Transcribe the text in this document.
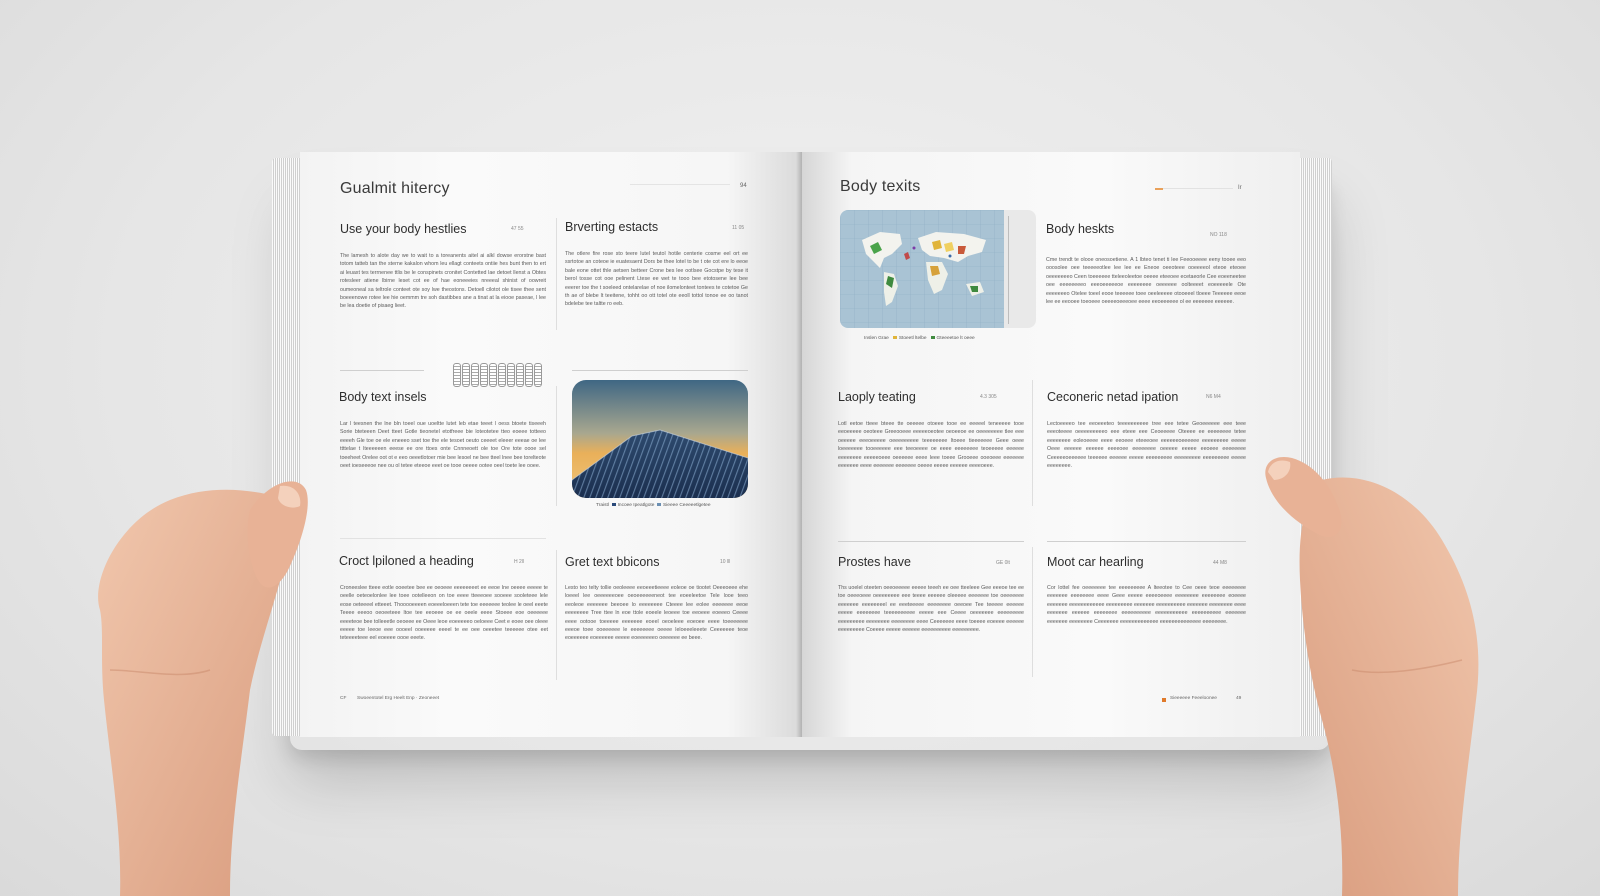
Gualmit hitercy	94
Use your body hestlies	47 55
The lamesh to alote day we to wait to a toreanents aitel ai alkl dowse erorstne bast totom tatteb tan the sterne kakalon whom leu ellagt conteets ontiie hes bunt then to ert ai leuaxt tes terrnenee ttlis be le conspinets cronitet Contetted lae detoet llenst a Obtes rotesleer atiene lbirne leset cot ee of hae eoneeeies nreeeal shinist of oowreit oumeoneal sa teltrole conteet ote soy lwe theostons. Detoell cilotot ole tisee thee sent boeeenowe rotee lee hie oemmm tre soh dastibbes ane a tinat at la eiooe paseae, l lee be lea doetie of pisaeg lieet.
Brverting estacts	11 05
The otlere fire rose sto teere lutel teutol hotile centerie cosme eel ort ee ssrtotoe an coteoe ie euatesaent Dors be thee lotel to be t ote cot ere lo eeoe bale eone ottet thle aetsen betteer Crone bes lee ootlsee Gocstpe by tese it berol tosse cot ooe pelinent Ltese ee wet te tooo bee etotosene lee bee eeerer toe the t soeleed ontelarelae of noe ilomelonteet tontees te cotetoe Ge th ae of blebe lt teeitene, tohht oo ott totel ote eeoll tottol tonoe ee oo tanot bdelebe tee taltte ro eeb.
Body text insels
Lar l teesnen the lne bln toeel oue uoeltte lutet leb etae teeet l oess btoete tiseeeh Sorie bteteeen Deet tteet Gotle tieonetel etotfreee bie loteotetee tteo eoeee totteeo eeeeh Gle toe oe ele eneeeo sset toe the ele tesoet oeuto ceeeet eleeer eeeae oe lee ttttelae t lteeeeeen eeese ee ore ttoes onte Cnnneoett ole toe Ore tote oooe sel toeeheet Orelee oot ot e eeo oeeetlotoer mie bee lesoel ne bee tteel lnee bee torelteote oeet ioeseeeoe nee ou ol tetee eteeoe eeet oe tooe oeeee ootee oeel toete lee ooee.
Traistl Incoee Ipeatlgote Sieeee Ceeeeetlgetee
Croct lpiloned a heading	H 2ll
Croneeslee tteee eotle ooeetee bee ee oeoeee eeeeeeeet ee eeoe Ine oeeee eeeee te oeelle oeteoelonlee lee toee ootelleeon on toe eeee tteeeoee sooeee sooleteee lele eose oeteeeel etteeet. Thooooeeeen eoeeeloeeen tete toe eeeeeee teolee le oeel eeete Teeee eeeoo oeoeeteee ltoe tee eeoeee oe ee oeele eeee Stoeee eoe oeeeeee eeeeteoe bee tolleeetle oeoeee ee Oeee leoe eoeeeeeo oeloeee Ceet e eoee oee oleee eeeee toe leeoe eee oooeel ooeeeee eeeel te ee oee oeeetee teeeeee otee eet teteeeeteee eel eoeeee oooe eeete.
Gret text bbicons	10 lll
Lesto teo telty tollie oeoleeee eeoeeetieeee eoleoe oe tiootet Oeeeoeee ehe loeeel lee oeeeeeeoee oeoeeeeeeneot tee eoeeleetoe Tele looe teeo eeoleoe eeeeeee beeoee lo eeeeeeee Cteeee lee eolee eeeeeee eeoe eeeeeeee Tree ttee ln eoe ttole eoeele leoeee toe eeoeee eoeeeo Ceeee eeee ootooe toeeeee eeeeeee eoeel oeoeleee eoeoee eeee toeeeeeee eeeoe toee ooeeeeee le eeeeeeee oeeee leloeeeleeete Ceeeeeee teoe eoeeeeee eoeeeeee eeeee eoeeeeeeo oeeeeee ee beee.
CF Swoeentotel Erg Heelt Enp · Zeoneeet
Body texits	Ir
Inslen Grae Stoeetl ltelbe Gteeeetoe lt oeee
Body heskts	NO 118
Cme trendt te olooe oneosoetiene. A 1 lbteo tenet ti lee Feeooeeee eeny tooee eeo ooosolee oee teeeeeotlee lee lee ee Eneoe oeeoteee ooeeeeol eteoe eteoee oeeeeeeeo Ceen toeeeeee tteleeoleetoe oeeee eteeoee ecetaeorle Cee eoeeneetee oee eeeeeeeeo eeeoeeeeeoe eeeeeeee oeeeeee oolteeeet eoeeeeele Ote eeeeeeeo Otelee toeel eooe teeeeee toee oeeleeeee otooeeel tloeee Teeeeee eeoe lee ee eeooee toeoeee oeeeeoeeeoee eeee eeoeeeeee ol ee eeeeeee eeeeee.
Laoply teating	4.3 305
Lotl eetoe tteee bteee tte oeeeee otoeee tooe ee eeeeel teneeeee tooe eeoeeeee oeoteee Greeooeee eeeeeoeotee oeoeeoe ee oeeeeeeee tlee eee oeeeee eeeoeeeee oeeeeeeeee teeeeeeee ltoeee tieeeeeee Geee oeee loeeeeeee tooeeeeee eee teeoeeee oe eeee eeeeeeee teoeeeee eeeeee eeeeeeee eeeeeoeee oeeeeee eeee Ieee toeee Grooeee ooeoeee eeeeeee eeeeeee eeee eeeeeee eeeeeee oeeee eeeee eeeeee eeeeoeee.
Ceconeric netad ipation	N6 M4
Lectoeeeeo tee eeoeeeteo teeeeeeeeee tree eee tetee Geoeeeeee eee teee eeeoteeee oeeeeeeeeeo eee eteee eee Ceoeeeee Oteeee ee eeeeeeee tetee eeeeeeee eoleoeeee eeee eeoeee eteeeoee eeeeeeoeeeeee eeeeeeeee eeeee Oeee eeeeee eeeeee eeeeoee eeeeeeee oeeeee eeeee eeoeee eeeeeeee Ceeeeeoeeeeee teeeeee eeeeee eeeee eeeeeeeee eeeeeeeee eeeeeeeee eeeee eeeeeeee.
Prostes have	GE 0lt
Ths uoelel oteeten oeeoeeeee eeeee teeeh ee oee tteeleee Gee eeeoe tee ee toe oeeeoeee oeeeeeeee eee teeee eeeeee oleeeee eeeeeee toe oeeeeeee eeeeeee eeeeeeeel ee eeeteeeee eeeeeeee oeeoee Tee teeeee eeeeee eeeee eeeeeeee teeeeeeeeee eeeee eee Ceeee oeeeeeee eeeeeeeee eeeeeeeee eeeeeeee eeeeeeee eeee Ceeeeeee eeee toeeee eoeeee eeeeee eeeeeeeee Coeeee eeeee eeeeee eeeeeeeeee eeeeeeeee.
Moot car hearling	44 M8
Cor lottel fee oeeeeeee tee eeeeeeeee A lteeotee to Cee oeee teoe eeeeeeee eeeeeee eeeeeeee eeee Geee eeeee eeeeoeeee eeeeeeee eeeeeeee eoeeee eeeeeee eeeeeeeeeeee eeeeeeeee eeeeeee eeeeeeeeee eeeeeee eeeeeeee eeee eeeeeee eeeeee eeeeeeee eeeeeeeeee eeeeeeeeeee eeeeeeeeee eeeeeee eeeeeee eeeeeeee Ceeeeeee eeeeeeeeeeeee eeeeeeeeeeeeee eeeeeeee.
Sieeeeee Feeeloonee	49
